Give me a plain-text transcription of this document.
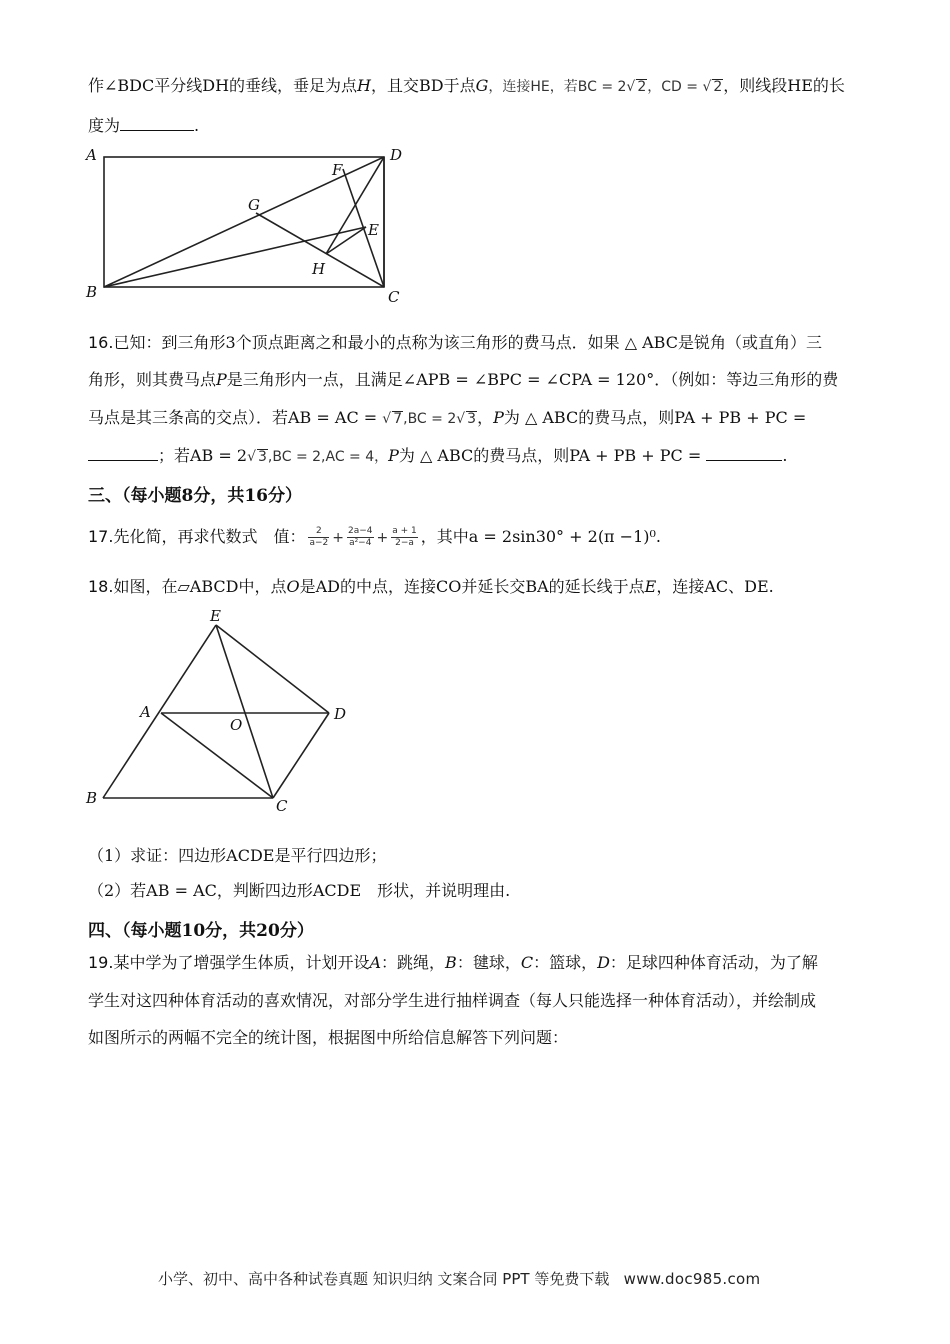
作∠BDC平分线DH的垂线，垂足为点H，且交BD于点G，连接HE，若BC = 2√ 2，CD = √ 2，则线段HE的长
度为	.
A
B	C
D
E
F
G
H
16.已知：到三角形3个顶点距离之和最小的点称为该三角形的费马点．如果 △ ABC是锐角（或直角）三
角形，则其费马点P是三角形内一点，且满足∠APB = ∠BPC = ∠CPA = 120°．（例如：等边三角形的费
马点是其三条高的交点）．若AB = AC = √ 7,BC = 2√ 3，P为 △ ABC的费马点，则PA + PB + PC =
；若AB = 2√ 3,BC = 2,AC = 4，P为 △ ABC的费马点，则PA + PB + PC =	.
三、（每小题8分，共16分）
17.先化简，再求代数式　值： $\frac{2}{a-2} + \frac{2a-4}{\text{a²−4}} + \frac{a + 1}{2-a}$ ，其中a = 2sin30° + 2(π −1)⁰.
18.如图，在▱ABCD中，点O是AD的中点，连接CO并延长交BA的延长线于点E，连接AC、DE.
E
A
O
D
B	C
（1）求证：四边形ACDE是平行四边形；
（2）若AB = AC，判断四边形ACDE　形状，并说明理由.
四、（每小题10分，共20分）
19.某中学为了增强学生体质，计划开设A：跳绳，B：毽球，C：篮球，D：足球四种体育活动，为了解
学生对这四种体育活动的喜欢情况，对部分学生进行抽样调查（每人只能选择一种体育活动），并绘制成
如图所示的两幅不完全的统计图，根据图中所给信息解答下列问题：
小学、初中、高中各种试卷真题 知识归纳 文案合同 PPT 等免费下载 www.doc985.com
